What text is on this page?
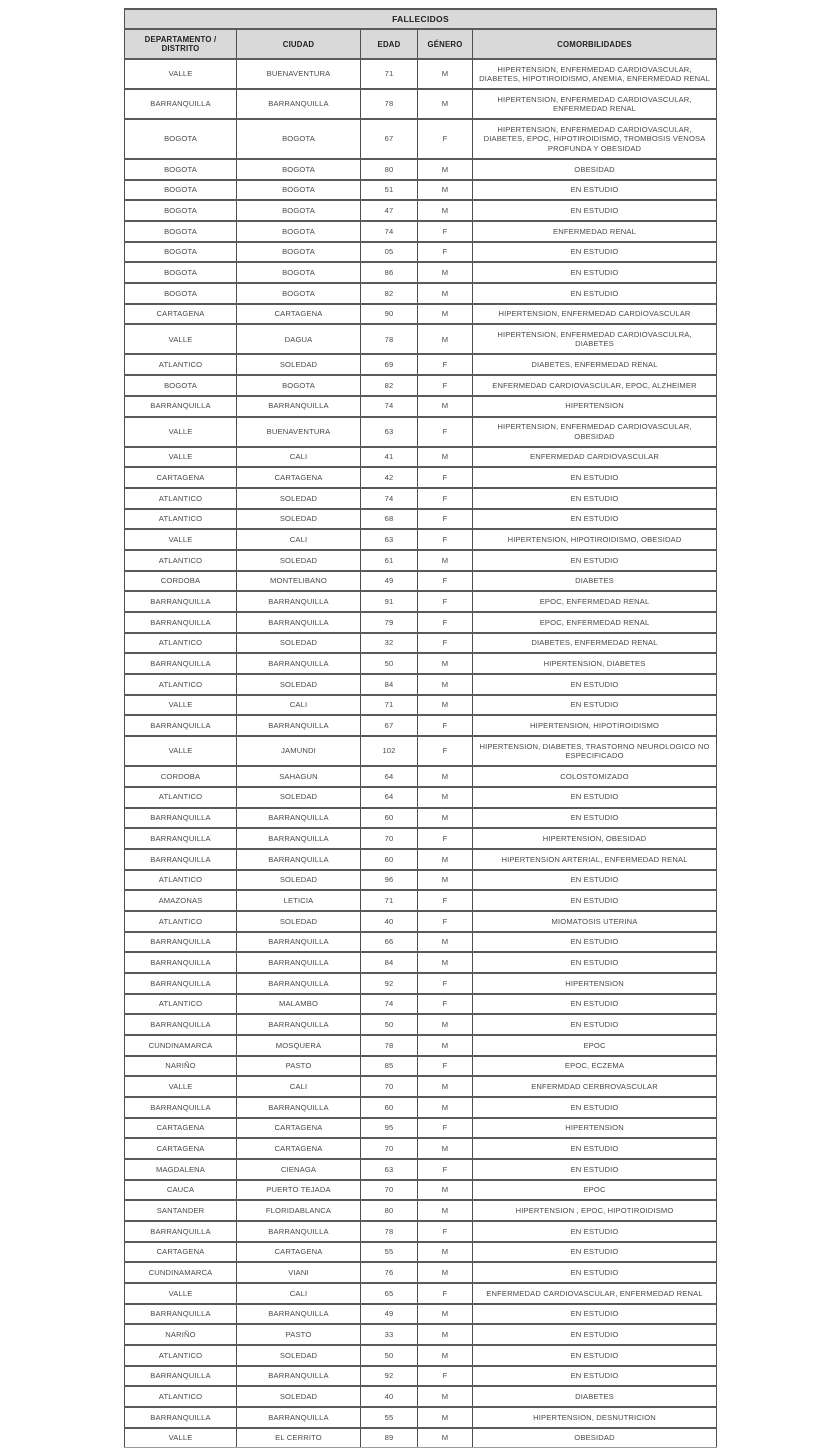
FALLECIDOS				
DEPARTAMENTO / DISTRITO	CIUDAD	EDAD	GÉNERO	COMORBILIDADES
VALLE	BUENAVENTURA	71	M	HIPERTENSION, ENFERMEDAD CARDIOVASCULAR, DIABETES, HIPOTIROIDISMO, ANEMIA, ENFERMEDAD RENAL
BARRANQUILLA	BARRANQUILLA	78	M	HIPERTENSION, ENFERMEDAD CARDIOVASCULAR, ENFERMEDAD RENAL
BOGOTA	BOGOTA	67	F	HIPERTENSION, ENFERMEDAD CARDIOVASCULAR, DIABETES, EPOC, HIPOTIROIDISMO, TROMBOSIS VENOSA PROFUNDA Y OBESIDAD
BOGOTA	BOGOTA	80	M	OBESIDAD
BOGOTA	BOGOTA	51	M	EN ESTUDIO
BOGOTA	BOGOTA	47	M	EN ESTUDIO
BOGOTA	BOGOTA	74	F	ENFERMEDAD RENAL
BOGOTA	BOGOTA	05	F	EN ESTUDIO
BOGOTA	BOGOTA	86	M	EN ESTUDIO
BOGOTA	BOGOTA	82	M	EN ESTUDIO
CARTAGENA	CARTAGENA	90	M	HIPERTENSION, ENFERMEDAD CARDIOVASCULAR
VALLE	DAGUA	78	M	HIPERTENSION, ENFERMEDAD CARDIOVASCULRA, DIABETES
ATLANTICO	SOLEDAD	69	F	DIABETES, ENFERMEDAD RENAL
BOGOTA	BOGOTA	82	F	ENFERMEDAD CARDIOVASCULAR, EPOC, ALZHEIMER
BARRANQUILLA	BARRANQUILLA	74	M	HIPERTENSION
VALLE	BUENAVENTURA	63	F	HIPERTENSION, ENFERMEDAD CARDIOVASCULAR, OBESIDAD
VALLE	CALI	41	M	ENFERMEDAD CARDIOVASCULAR
CARTAGENA	CARTAGENA	42	F	EN ESTUDIO
ATLANTICO	SOLEDAD	74	F	EN ESTUDIO
ATLANTICO	SOLEDAD	68	F	EN ESTUDIO
VALLE	CALI	63	F	HIPERTENSION, HIPOTIROIDISMO, OBESIDAD
ATLANTICO	SOLEDAD	61	M	EN ESTUDIO
CORDOBA	MONTELIBANO	49	F	DIABETES
BARRANQUILLA	BARRANQUILLA	91	F	EPOC, ENFERMEDAD RENAL
BARRANQUILLA	BARRANQUILLA	79	F	EPOC, ENFERMEDAD RENAL
ATLANTICO	SOLEDAD	32	F	DIABETES, ENFERMEDAD RENAL
BARRANQUILLA	BARRANQUILLA	50	M	HIPERTENSION, DIABETES
ATLANTICO	SOLEDAD	84	M	EN ESTUDIO
VALLE	CALI	71	M	EN ESTUDIO
BARRANQUILLA	BARRANQUILLA	67	F	HIPERTENSION, HIPOTIROIDISMO
VALLE	JAMUNDI	102	F	HIPERTENSION, DIABETES, TRASTORNO NEUROLOGICO NO ESPECIFICADO
CORDOBA	SAHAGUN	64	M	COLOSTOMIZADO
ATLANTICO	SOLEDAD	64	M	EN ESTUDIO
BARRANQUILLA	BARRANQUILLA	60	M	EN ESTUDIO
BARRANQUILLA	BARRANQUILLA	70	F	HIPERTENSION, OBESIDAD
BARRANQUILLA	BARRANQUILLA	60	M	HIPERTENSION ARTERIAL, ENFERMEDAD RENAL
ATLANTICO	SOLEDAD	96	M	EN ESTUDIO
AMAZONAS	LETICIA	71	F	EN ESTUDIO
ATLANTICO	SOLEDAD	40	F	MIOMATOSIS UTERINA
BARRANQUILLA	BARRANQUILLA	66	M	EN ESTUDIO
BARRANQUILLA	BARRANQUILLA	84	M	EN ESTUDIO
BARRANQUILLA	BARRANQUILLA	92	F	HIPERTENSION
ATLANTICO	MALAMBO	74	F	EN ESTUDIO
BARRANQUILLA	BARRANQUILLA	50	M	EN ESTUDIO
CUNDINAMARCA	MOSQUERA	78	M	EPOC
NARIÑO	PASTO	85	F	EPOC, ECZEMA
VALLE	CALI	70	M	ENFERMDAD CERBROVASCULAR
BARRANQUILLA	BARRANQUILLA	60	M	EN ESTUDIO
CARTAGENA	CARTAGENA	95	F	HIPERTENSION
CARTAGENA	CARTAGENA	70	M	EN ESTUDIO
MAGDALENA	CIENAGA	63	F	EN ESTUDIO
CAUCA	PUERTO TEJADA	70	M	EPOC
SANTANDER	FLORIDABLANCA	80	M	HIPERTENSION , EPOC, HIPOTIROIDISMO
BARRANQUILLA	BARRANQUILLA	78	F	EN ESTUDIO
CARTAGENA	CARTAGENA	55	M	EN ESTUDIO
CUNDINAMARCA	VIANI	76	M	EN ESTUDIO
VALLE	CALI	65	F	ENFERMEDAD CARDIOVASCULAR, ENFERMEDAD RENAL
BARRANQUILLA	BARRANQUILLA	49	M	EN ESTUDIO
NARIÑO	PASTO	33	M	EN ESTUDIO
ATLANTICO	SOLEDAD	50	M	EN ESTUDIO
BARRANQUILLA	BARRANQUILLA	92	F	EN ESTUDIO
ATLANTICO	SOLEDAD	40	M	DIABETES
BARRANQUILLA	BARRANQUILLA	55	M	HIPERTENSION, DESNUTRICION
VALLE	EL CERRITO	89	M	OBESIDAD
